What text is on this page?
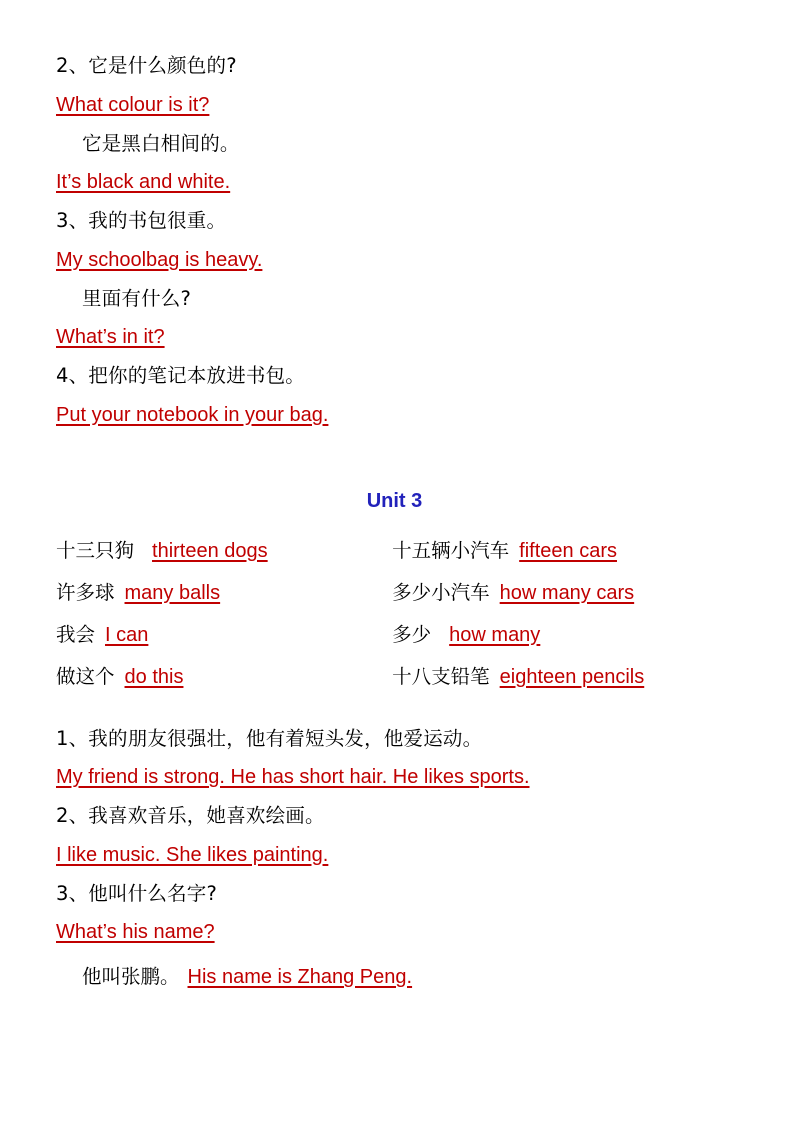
2、它是什么颜色的?

What colour is it?

它是黑白相间的。

It’s black and white.

3、我的书包很重。

My schoolbag is heavy.

里面有什么?

What’s in it?

4、把你的笔记本放进书包。

Put your notebook in your bag.

Unit 3

十三只狗 thirteen dogs	十五辆小汽车 fifteen cars
许多球 many balls	多少小汽车 how many cars
我会 I can	多少 how many
做这个 do this	十八支铅笔 eighteen pencils

1、我的朋友很强壮，他有着短头发，他爱运动。

My friend is strong. He has short hair. He likes sports.

2、我喜欢音乐，她喜欢绘画。

I like music. She likes painting.

3、他叫什么名字?

What’s his name?

他叫张鹏。 His name is Zhang Peng.
